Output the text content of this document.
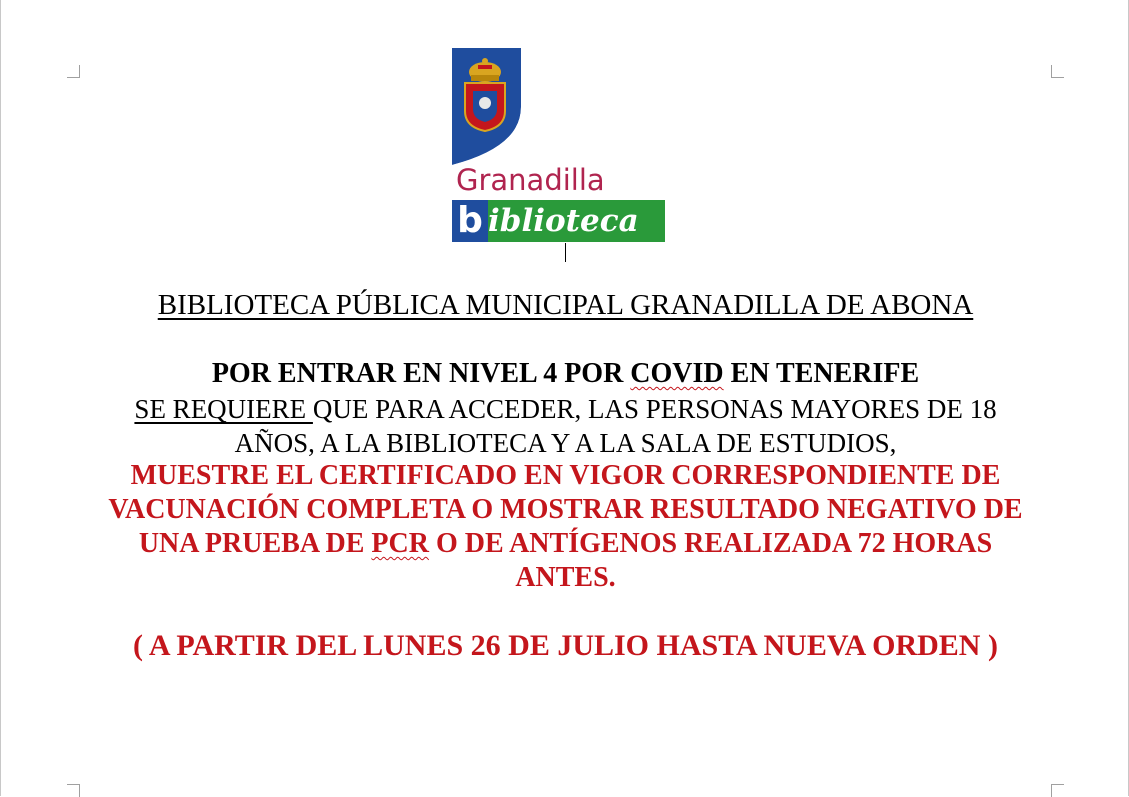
Granadilla
b iblioteca
BIBLIOTECA PÚBLICA MUNICIPAL GRANADILLA DE ABONA
POR ENTRAR EN NIVEL 4 POR COVID EN TENERIFE
SE REQUIERE QUE PARA ACCEDER, LAS PERSONAS MAYORES DE 18
AÑOS, A LA BIBLIOTECA Y A LA SALA DE ESTUDIOS,
MUESTRE EL CERTIFICADO EN VIGOR CORRESPONDIENTE DE
VACUNACIÓN COMPLETA O MOSTRAR RESULTADO NEGATIVO DE
UNA PRUEBA DE PCR O DE ANTÍGENOS REALIZADA 72 HORAS
ANTES.
( A PARTIR DEL LUNES 26 DE JULIO HASTA NUEVA ORDEN )
